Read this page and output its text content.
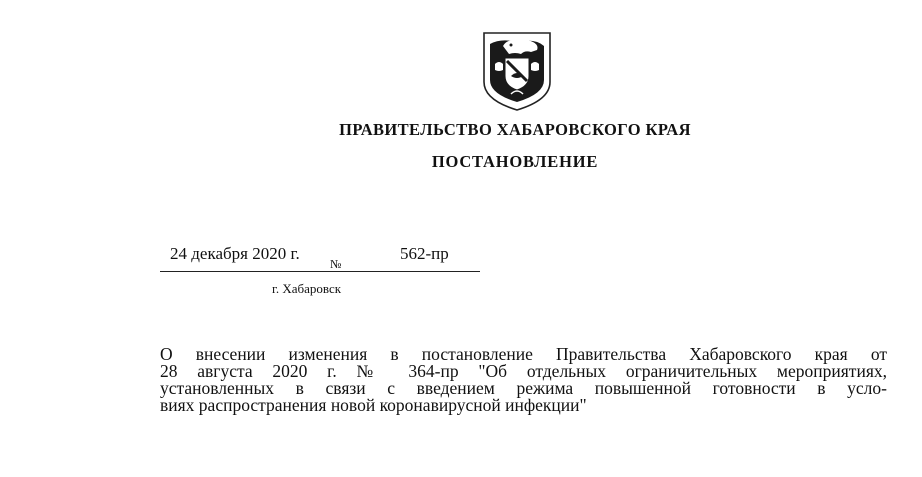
ПРАВИТЕЛЬСТВО ХАБАРОВСКОГО КРАЯ
ПОСТАНОВЛЕНИЕ
24 декабря 2020 г.
№
562-пр
г. Хабаровск
О внесении изменения в постановление Правительства Хабаровского края от
28 августа 2020 г. № 364-пр "Об отдельных ограничительных мероприятиях,
установленных в связи с введением режима повышенной готовности в усло-
виях распространения новой коронавирусной инфекции"
